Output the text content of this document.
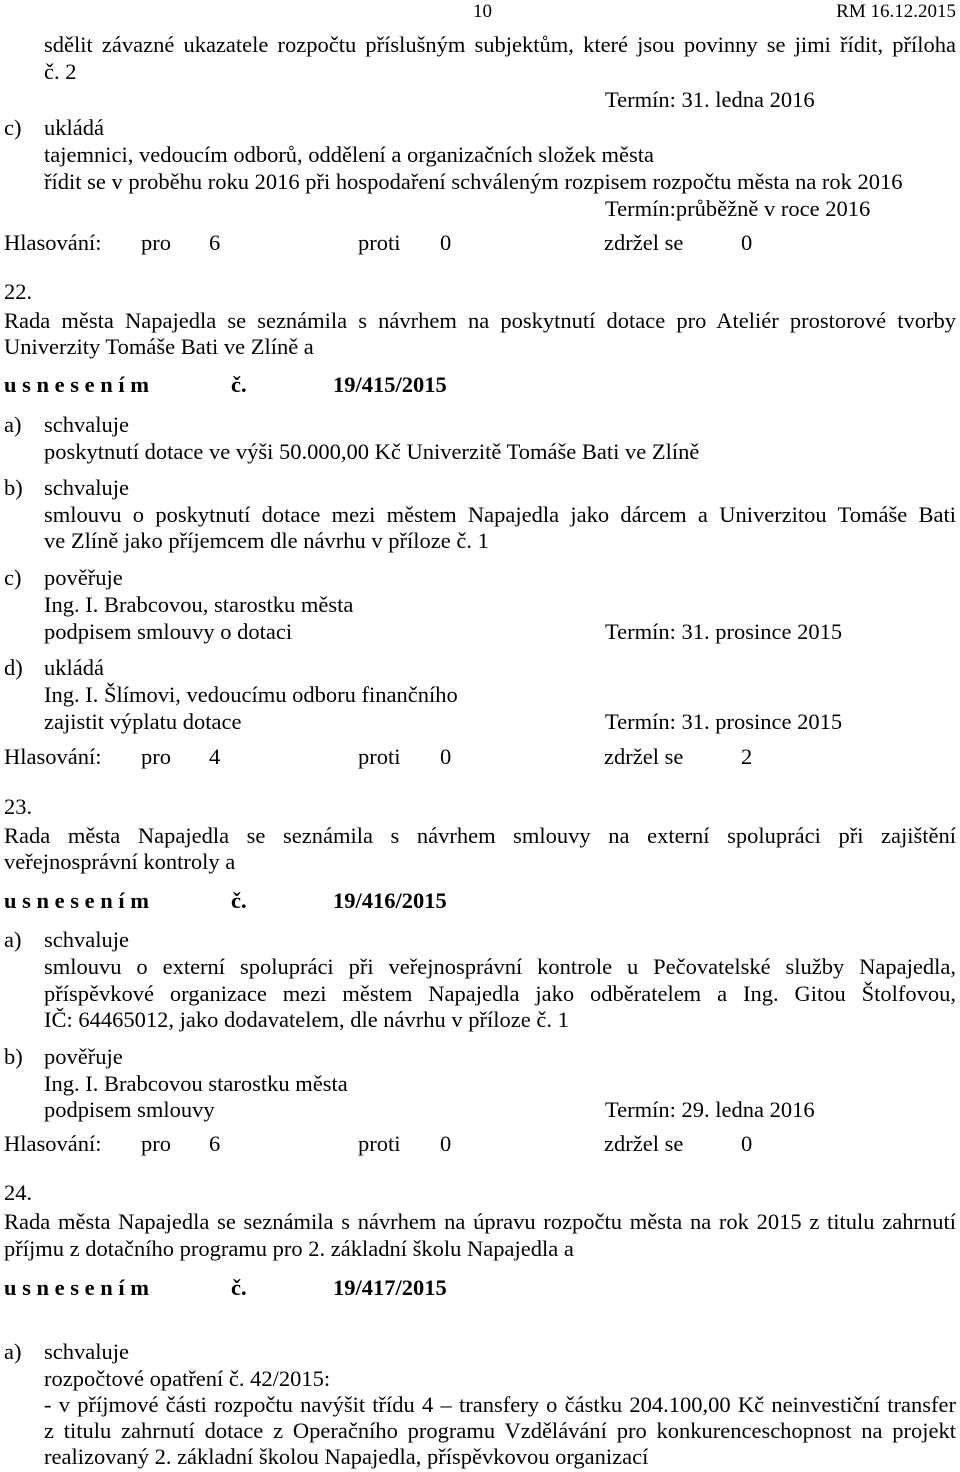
10	RM 16.12.2015
sdělit závazné ukazatele rozpočtu příslušným subjektům, které jsou povinny se jimi řídit, příloha
č. 2
Termín: 31. ledna 2016
c) ukládá
tajemnici, vedoucím odborů, oddělení a organizačních složek města
řídit se v proběhu roku 2016 při hospodaření schváleným rozpisem rozpočtu města na rok 2016
Termín:průběžně v roce 2016
Hlasování: pro 6	proti 0	zdržel se	0
22.
Rada města Napajedla se seznámila s návrhem na poskytnutí dotace pro Ateliér prostorové tvorby
Univerzity Tomáše Bati ve Zlíně a
u s n e s e n í m	č.	19/415/2015
a) schvaluje
poskytnutí dotace ve výši 50.000,00 Kč Univerzitě Tomáše Bati ve Zlíně
b) schvaluje
smlouvu o poskytnutí dotace mezi městem Napajedla jako dárcem a Univerzitou Tomáše Bati
ve Zlíně jako příjemcem dle návrhu v příloze č. 1
c) pověřuje
Ing. I. Brabcovou, starostku města
podpisem smlouvy o dotaci	Termín: 31. prosince 2015
d) ukládá
Ing. I. Šlímovi, vedoucímu odboru finančního
zajistit výplatu dotace	Termín: 31. prosince 2015
Hlasování: pro 4	proti 0	zdržel se	2
23.
Rada města Napajedla se seznámila s návrhem smlouvy na externí spolupráci při zajištění
veřejnosprávní kontroly a
u s n e s e n í m	č.	19/416/2015
a) schvaluje
smlouvu o externí spolupráci při veřejnosprávní kontrole u Pečovatelské služby Napajedla,
příspěvkové organizace mezi městem Napajedla jako odběratelem a Ing. Gitou Štolfovou,
IČ: 64465012, jako dodavatelem, dle návrhu v příloze č. 1
b) pověřuje
Ing. I. Brabcovou starostku města
podpisem smlouvy	Termín: 29. ledna 2016
Hlasování: pro 6	proti 0	zdržel se	0
24.
Rada města Napajedla se seznámila s návrhem na úpravu rozpočtu města na rok 2015 z titulu zahrnutí
příjmu z dotačního programu pro 2. základní školu Napajedla a
u s n e s e n í m	č.	19/417/2015
a) schvaluje
rozpočtové opatření č. 42/2015:
- v příjmové části rozpočtu navýšit třídu 4 – transfery o částku 204.100,00 Kč neinvestiční transfer
z titulu zahrnutí dotace z Operačního programu Vzdělávání pro konkurenceschopnost na projekt
realizovaný 2. základní školou Napajedla, příspěvkovou organizací
